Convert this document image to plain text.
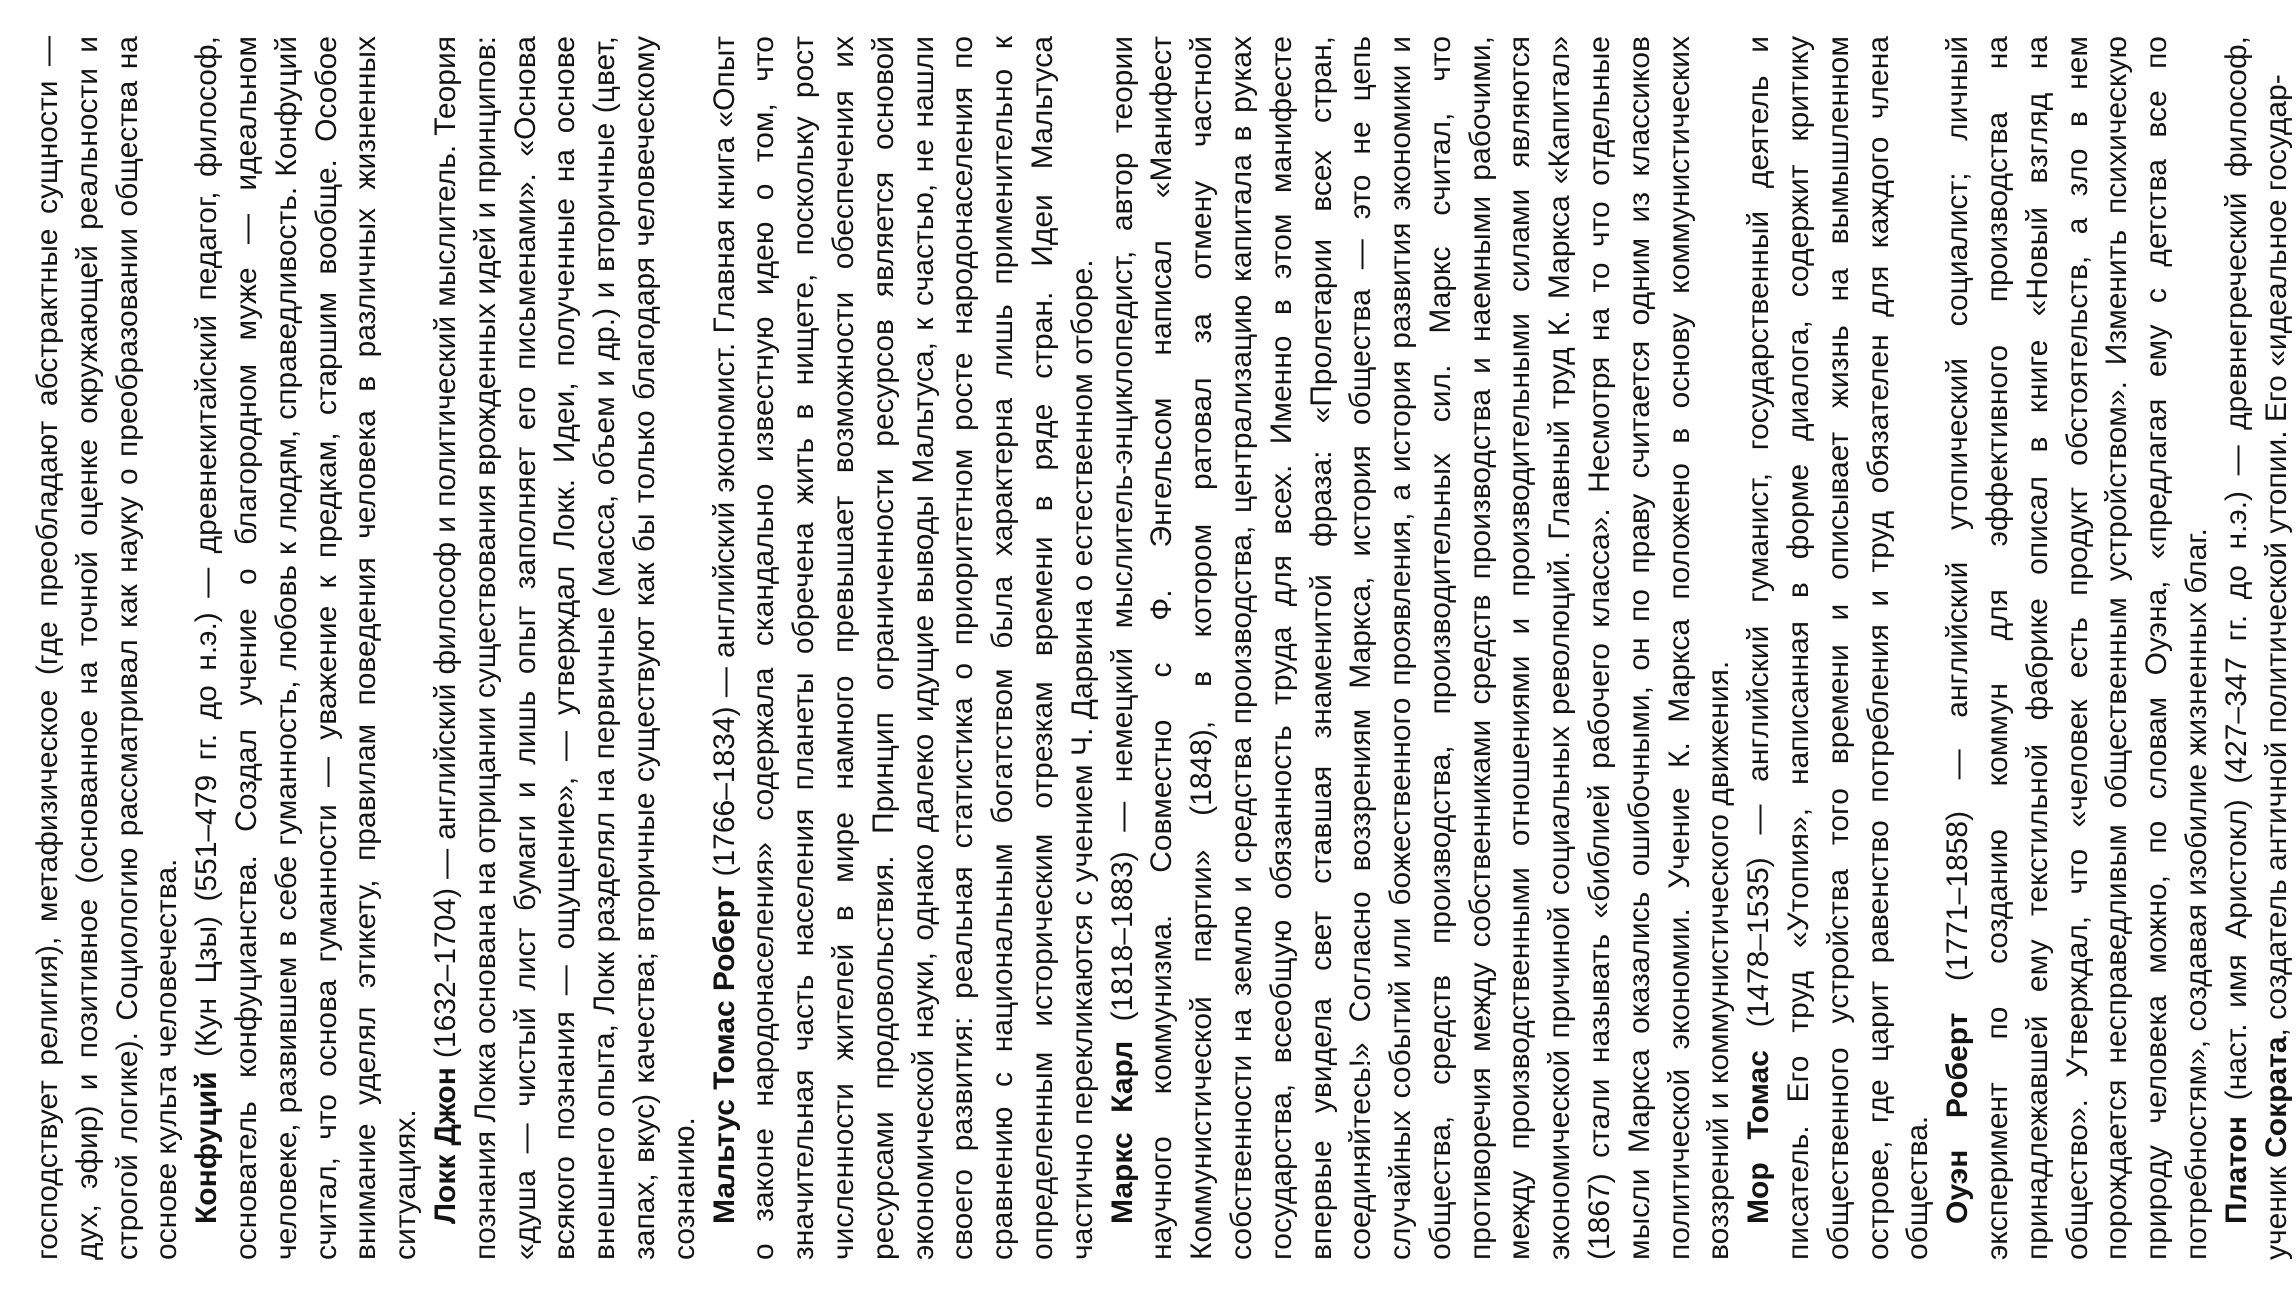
господствует религия), метафизическое (где преобладают абстрактные сущности — дух, эфир) и позитивное (основанное на точной оценке окружающей реальности и строгой логике). Социологию рассматривал как науку о преобразовании общества на основе культа человечества. Конфуций (Кун Цзы) (551–479 гг. до н.э.) — древнекитайский педагог, философ, основатель конфуцианства. Создал учение о благородном муже — идеальном человеке, развившем в себе гуманность, любовь к людям, справедливость. Конфуций считал, что основа гуманности — уважение к предкам, старшим вообще. Особое внимание уделял этикету, правилам поведения человека в различных жизненных ситуациях. Локк Джон (1632–1704) — английский философ и политический мыслитель. Теория познания Локка основана на отрицании существования врожденных идей и принципов: «душа — чистый лист бумаги и лишь опыт заполняет его письменами». «Основа всякого познания — ощущение», — утверждал Локк. Идеи, полученные на основе внешнего опыта, Локк разделял на первичные (масса, объем и др.) и вторичные (цвет, запах, вкус) качества; вторичные существуют как бы только благодаря человеческому сознанию. Мальтус Томас Роберт (1766–1834) — английский экономист. Главная книга «Опыт о законе народонаселения» содержала скандально известную идею о том, что значительная часть населения планеты обречена жить в нищете, поскольку рост численности жителей в мире намного превышает возможности обеспечения их ресурсами продовольствия. Принцип ограниченности ресурсов является основой экономической науки, однако далеко идущие выводы Мальтуса, к счастью, не нашли своего развития: реальная статистика о приоритетном росте народонаселения по сравнению с национальным богатством была характерна лишь применительно к определенным историческим отрезкам времени в ряде стран. Идеи Мальтуса частично перекликаются с учением Ч. Дарвина о естественном отборе. Маркс Карл (1818–1883) — немецкий мыслитель-энциклопедист, автор теории научного коммунизма. Совместно с Ф. Энгельсом написал «Манифест Коммунистической партии» (1848), в котором ратовал за отмену частной собственности на землю и средства производства, централизацию капитала в руках государства, всеобщую обязанность труда для всех. Именно в этом манифесте впервые увидела свет ставшая знаменитой фраза: «Пролетарии всех стран, соединяйтесь!» Согласно воззрениям Маркса, история общества — это не цепь случайных событий или божественного проявления, а история развития экономики и общества, средств производства, производительных сил. Маркс считал, что противоречия между собственниками средств производства и наемными рабочими, между производственными отношениями и производительными силами являются экономической причиной социальных революций. Главный труд К. Маркса «Капитал» (1867) стали называть «библией рабочего класса». Несмотря на то что отдельные мысли Маркса оказались ошибочными, он по праву считается одним из классиков политической экономии. Учение К. Маркса положено в основу коммунистических воззрений и коммунистического движения. Мор Томас (1478–1535) — английский гуманист, государственный деятель и писатель. Его труд «Утопия», написанная в форме диалога, содержит критику общественного устройства того времени и описывает жизнь на вымышленном острове, где царит равенство потребления и труд обязателен для каждого члена общества. Оуэн Роберт (1771–1858) — английский утопический социалист; личный эксперимент по созданию коммун для эффективного производства на принадлежавшей ему текстильной фабрике описал в книге «Новый взгляд на общество». Утверждал, что «человек есть продукт обстоятельств, а зло в нем порождается несправедливым общественным устройством». Изменить психическую природу человека можно, по словам Оуэна, «предлагая ему с детства все по потребностям», создавая изобилие жизненных благ. Платон (наст. имя Аристокл) (427–347 гг. до н.э.) — древнегреческий философ, ученик Сократа, создатель античной политической утопии. Его «идеальное государ-
